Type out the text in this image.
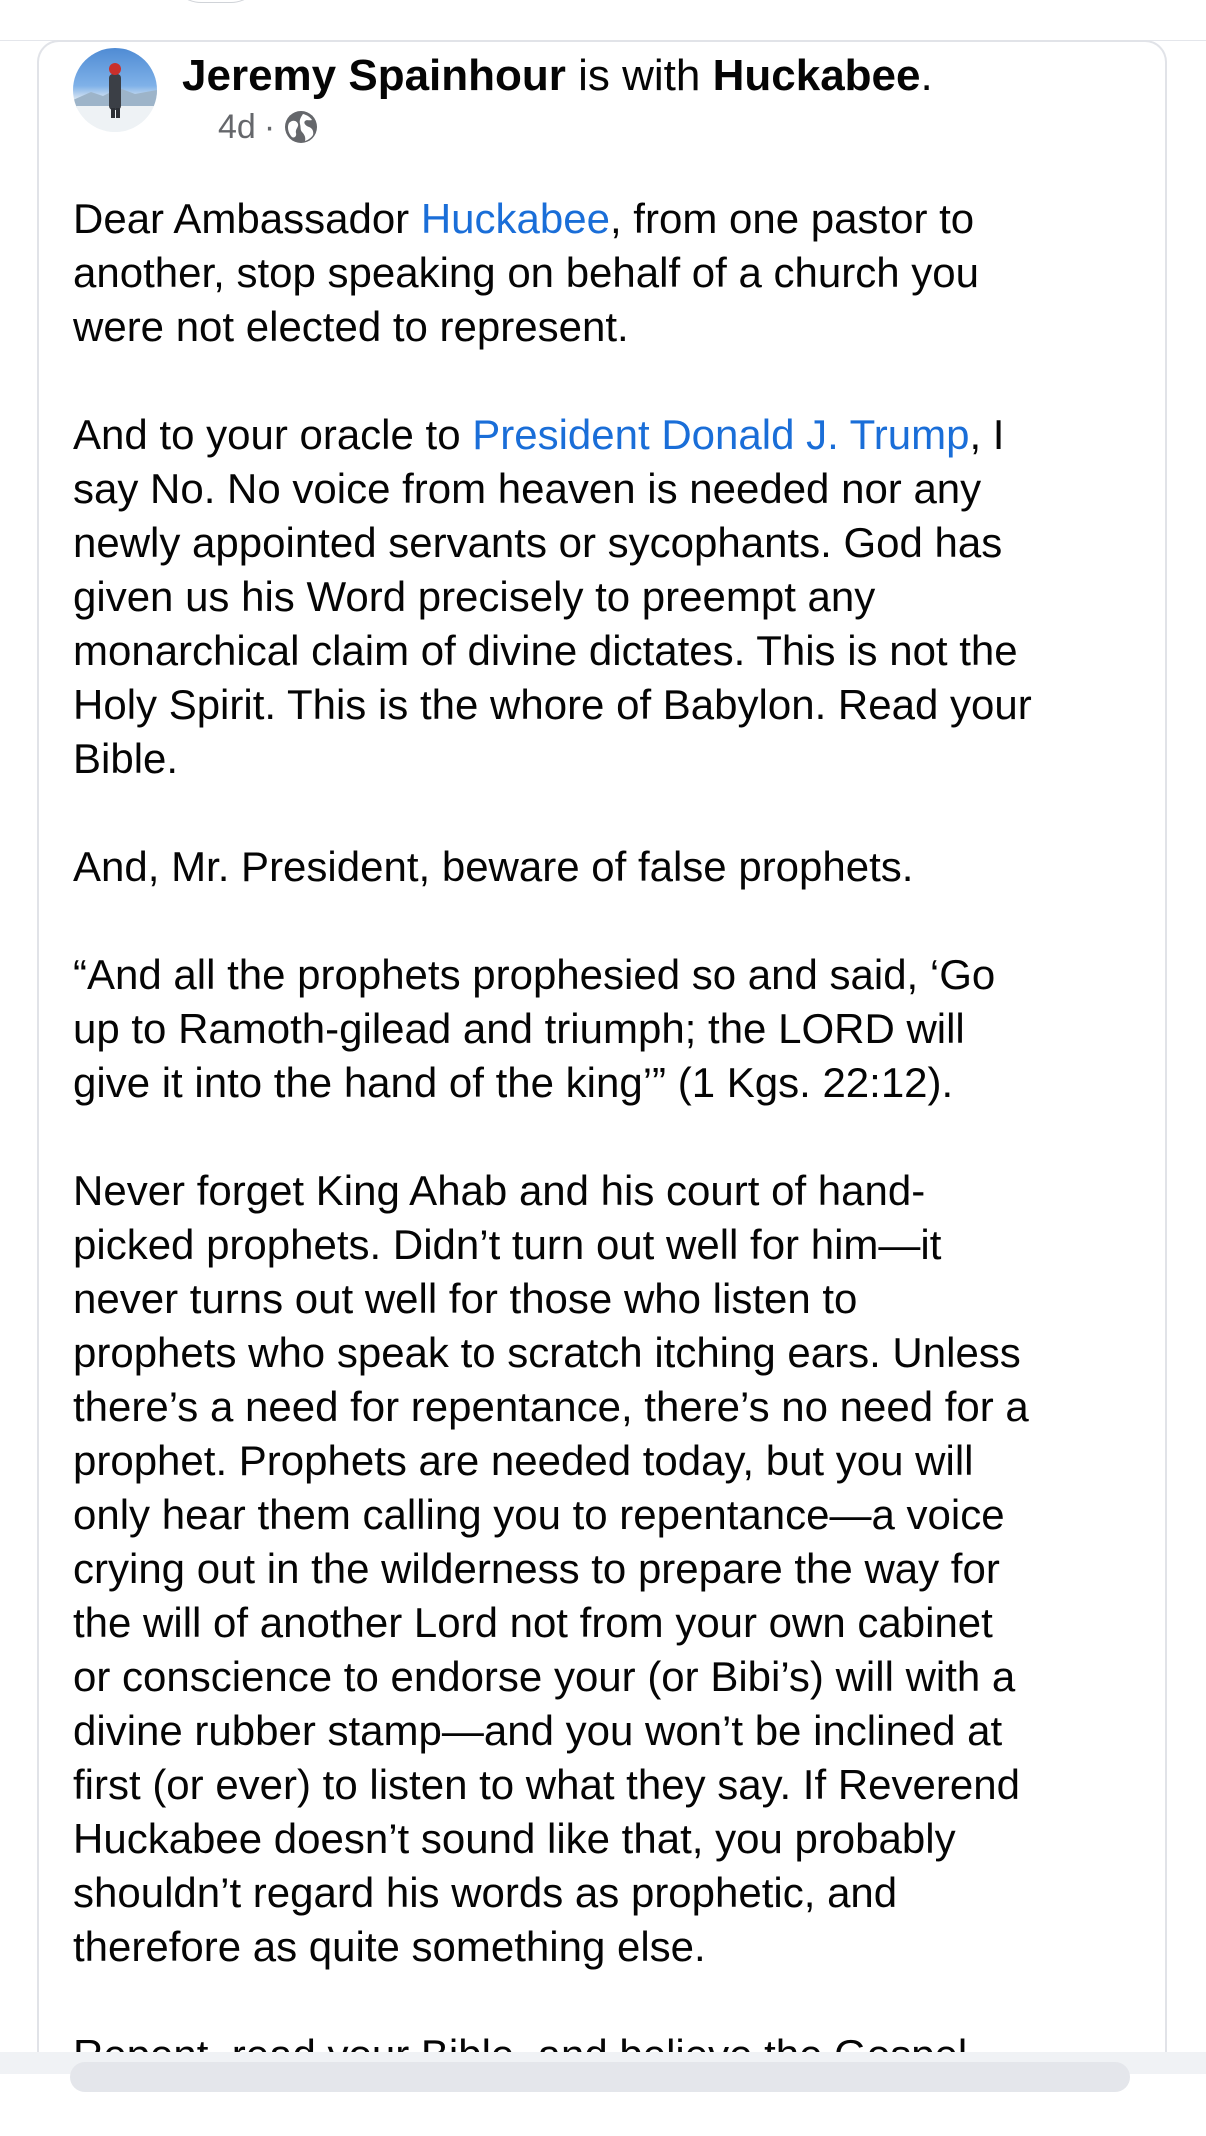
Jeremy Spainhour is with Huckabee.
4d ·
Dear Ambassador Huckabee, from one pastor to
another, stop speaking on behalf of a church you
were not elected to represent.
And to your oracle to President Donald J. Trump, I
say No. No voice from heaven is needed nor any
newly appointed servants or sycophants. God has
given us his Word precisely to preempt any
monarchical claim of divine dictates. This is not the
Holy Spirit. This is the whore of Babylon. Read your
Bible.
And, Mr. President, beware of false prophets.
“And all the prophets prophesied so and said, ‘Go
up to Ramoth-gilead and triumph; the LORD will
give it into the hand of the king’” (1 Kgs. 22:12).
Never forget King Ahab and his court of hand-
picked prophets. Didn’t turn out well for him—it
never turns out well for those who listen to
prophets who speak to scratch itching ears. Unless
there’s a need for repentance, there’s no need for a
prophet. Prophets are needed today, but you will
only hear them calling you to repentance—a voice
crying out in the wilderness to prepare the way for
the will of another Lord not from your own cabinet
or conscience to endorse your (or Bibi’s) will with a
divine rubber stamp—and you won’t be inclined at
first (or ever) to listen to what they say. If Reverend
Huckabee doesn’t sound like that, you probably
shouldn’t regard his words as prophetic, and
therefore as quite something else.
